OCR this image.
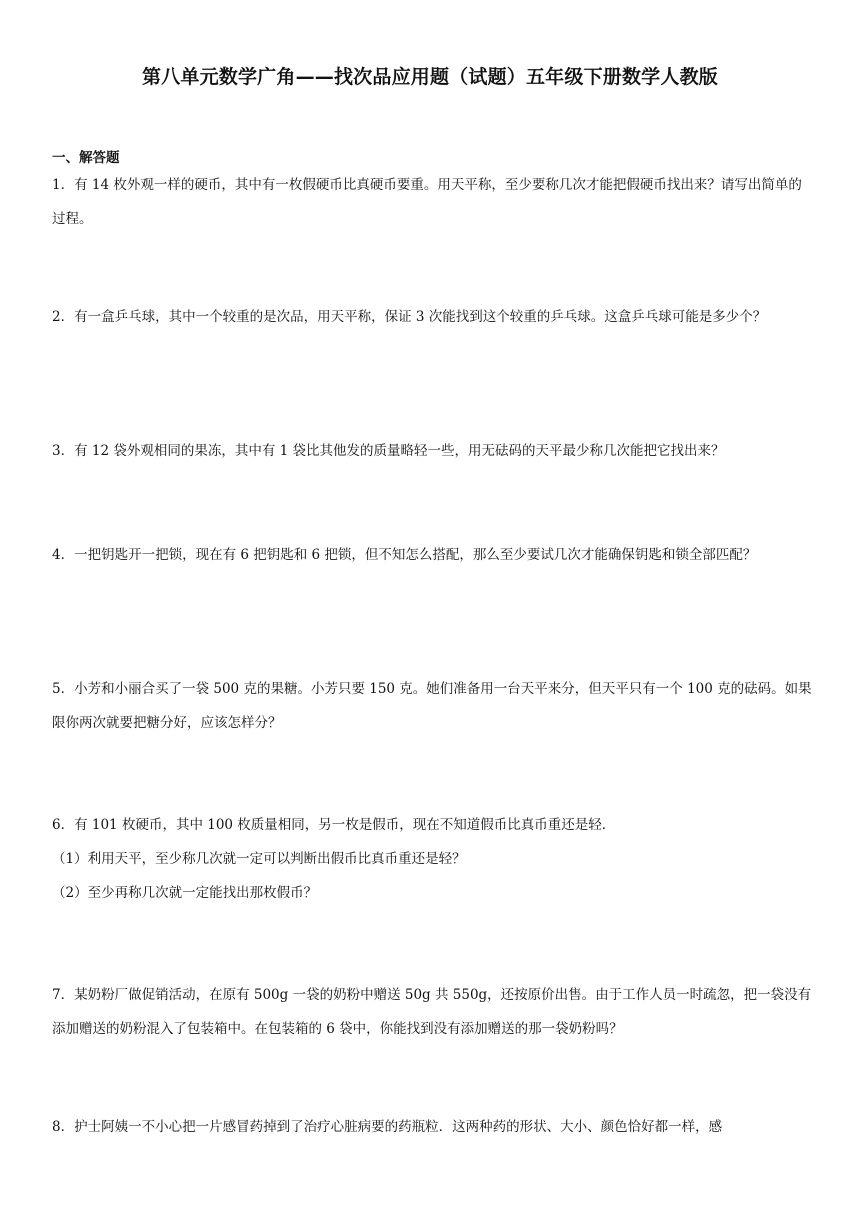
第八单元数学广角——找次品应用题（试题）五年级下册数学人教版
一、解答题

1．有 14 枚外观一样的硬币，其中有一枚假硬币比真硬币要重。用天平称，至少要称几次才能把假硬币找出来？请写出简单的过程。

2．有一盒乒乓球，其中一个较重的是次品，用天平称，保证 3 次能找到这个较重的乒乓球。这盒乒乓球可能是多少个？

3．有 12 袋外观相同的果冻，其中有 1 袋比其他发的质量略轻一些，用无砝码的天平最少称几次能把它找出来？

4．一把钥匙开一把锁，现在有 6 把钥匙和 6 把锁，但不知怎么搭配，那么至少要试几次才能确保钥匙和锁全部匹配？

5．小芳和小丽合买了一袋 500 克的果糖。小芳只要 150 克。她们准备用一台天平来分，但天平只有一个 100 克的砝码。如果限你两次就要把糖分好，应该怎样分？

6．有 101 枚硬币，其中 100 枚质量相同，另一枚是假币，现在不知道假币比真币重还是轻．

（1）利用天平，至少称几次就一定可以判断出假币比真币重还是轻？

（2）至少再称几次就一定能找出那枚假币？

7．某奶粉厂做促销活动，在原有 500g 一袋的奶粉中赠送 50g 共 550g，还按原价出售。由于工作人员一时疏忽，把一袋没有添加赠送的奶粉混入了包装箱中。在包装箱的 6 袋中，你能找到没有添加赠送的那一袋奶粉吗？

8．护士阿姨一不小心把一片感冒药掉到了治疗心脏病要的药瓶粒．这两种药的形状、大小、颜色恰好都一样，感
